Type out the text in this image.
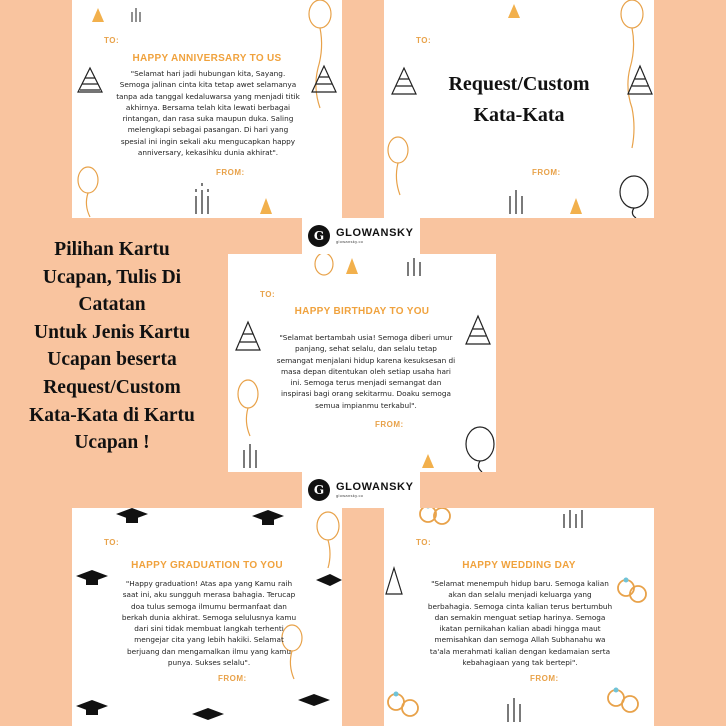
TO:
HAPPY ANNIVERSARY TO US
"Selamat hari jadi hubungan kita, Sayang. Semoga jalinan cinta kita tetap awet selamanya tanpa ada tanggal kedaluwarsa yang menjadi titik akhirnya. Bersama telah kita lewati berbagai rintangan, dan rasa suka maupun duka. Saling melengkapi sebagai pasangan. Di hari yang spesial ini ingin sekali aku mengucapkan happy anniversary, kekasihku dunia akhirat".
FROM:
TO:
Request/Custom
Kata-Kata
FROM:
G	GLOWANSKY
glowansky.co
Pilihan Kartu
Ucapan, Tulis Di
Catatan
Untuk Jenis Kartu
Ucapan beserta
Request/Custom
Kata-Kata di Kartu
Ucapan !
TO:
HAPPY BIRTHDAY TO YOU
"Selamat bertambah usia! Semoga diberi umur panjang, sehat selalu, dan selalu tetap semangat menjalani hidup karena kesuksesan di masa depan ditentukan oleh setiap usaha hari ini. Semoga terus menjadi semangat dan inspirasi bagi orang sekitarmu. Doaku semoga semua impianmu terkabul".
FROM:
G	GLOWANSKY
glowansky.co
TO:
HAPPY GRADUATION TO YOU
"Happy graduation! Atas apa yang Kamu raih saat ini, aku sungguh merasa bahagia. Terucap doa tulus semoga ilmumu bermanfaat dan berkah dunia akhirat. Semoga selulusnya kamu dari sini tidak membuat langkah terhenti mengejar cita yang lebih hakiki. Selamat berjuang dan mengamalkan ilmu yang kamu punya. Sukses selalu".
FROM:
TO:
HAPPY WEDDING DAY
"Selamat menempuh hidup baru. Semoga kalian akan dan selalu menjadi keluarga yang berbahagia. Semoga cinta kalian terus bertumbuh dan semakin menguat setiap harinya. Semoga ikatan pernikahan kalian abadi hingga maut memisahkan dan semoga Allah Subhanahu wa ta'ala merahmati kalian dengan kedamaian serta kebahagiaan yang tak bertepi".
FROM:
